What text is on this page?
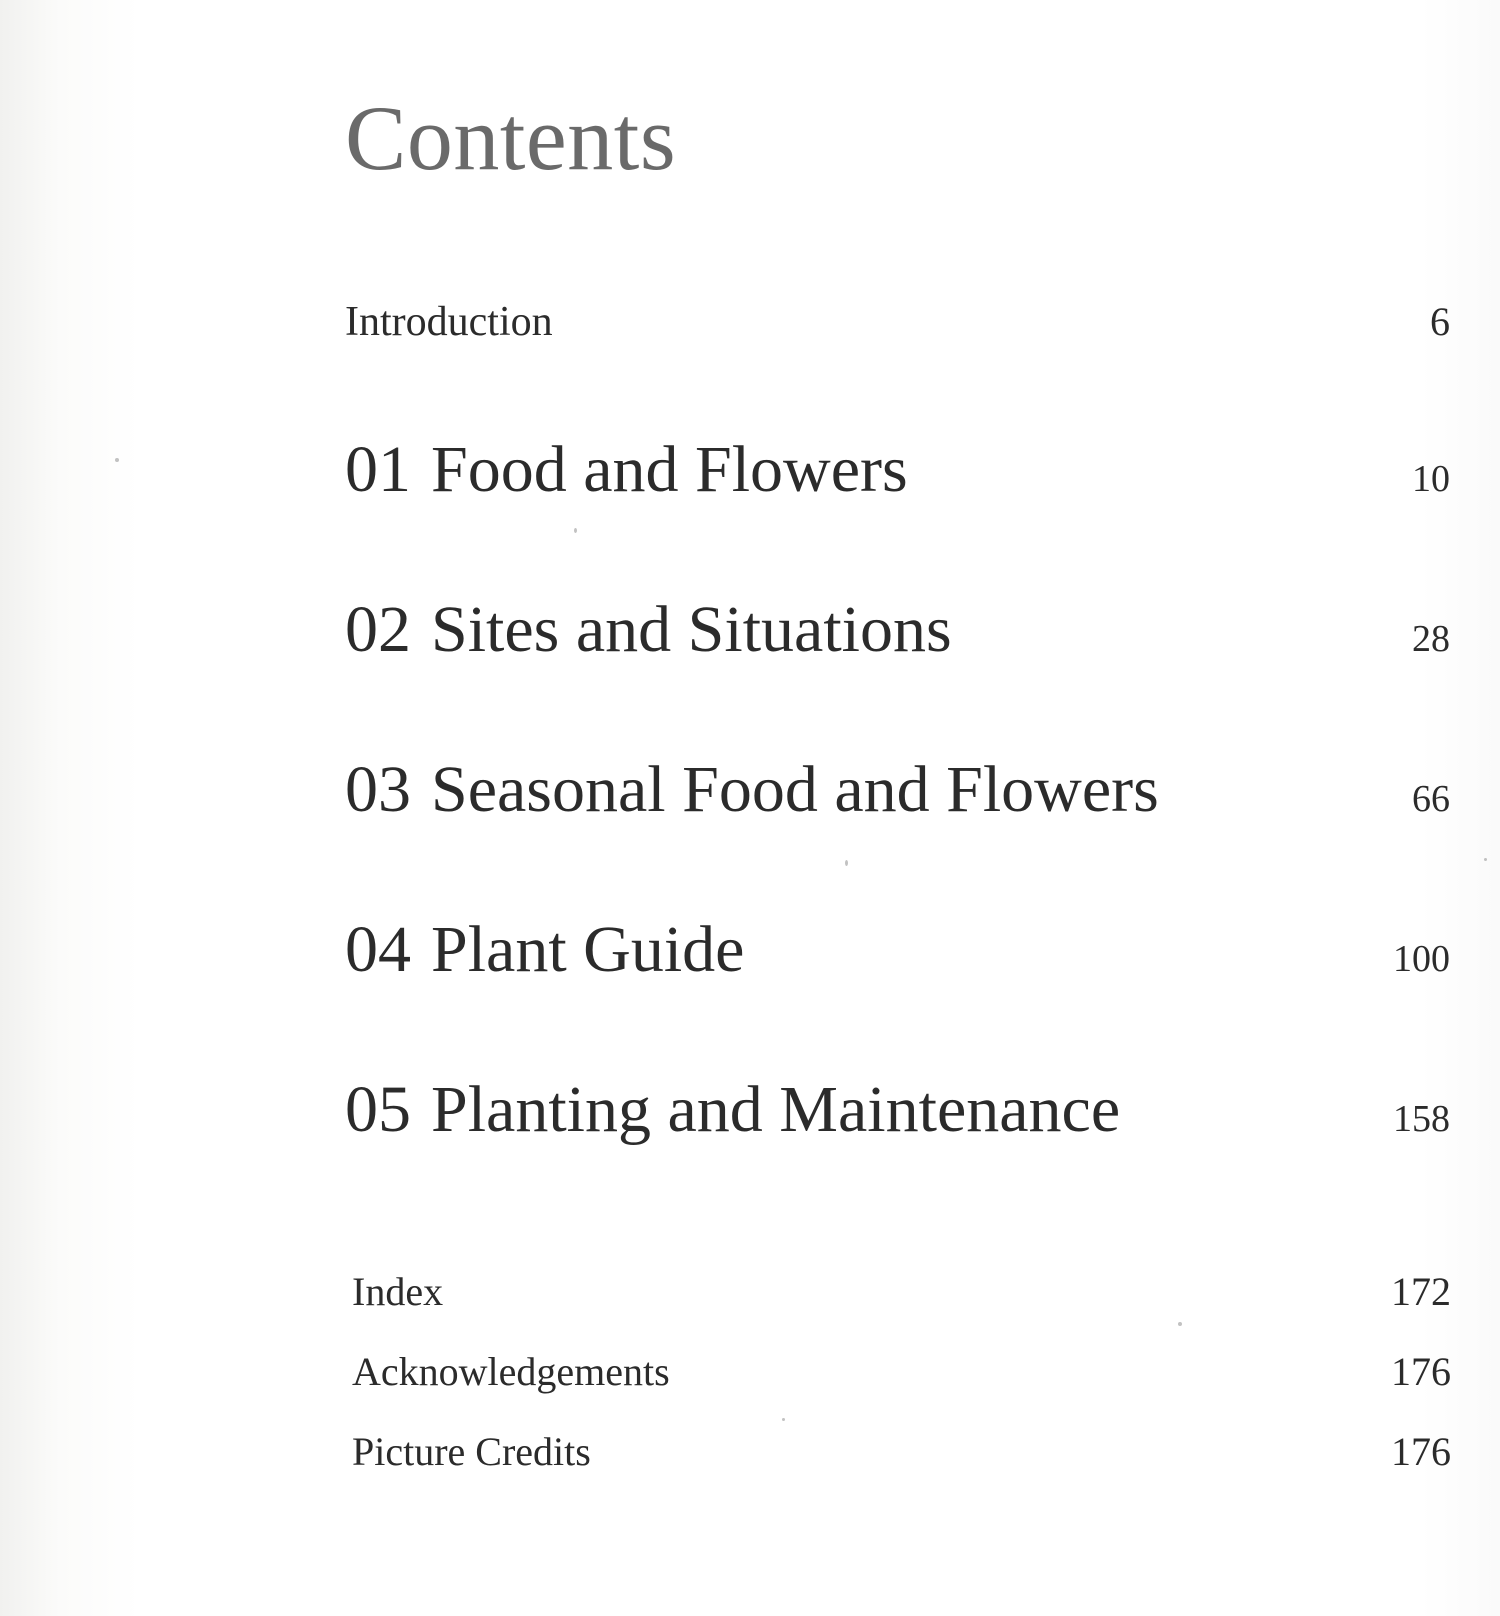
Contents
Introduction	6
01 Food and Flowers	10
02 Sites and Situations	28
03 Seasonal Food and Flowers	66
04 Plant Guide	100
05 Planting and Maintenance	158
Index	172
Acknowledgements	176
Picture Credits	176
